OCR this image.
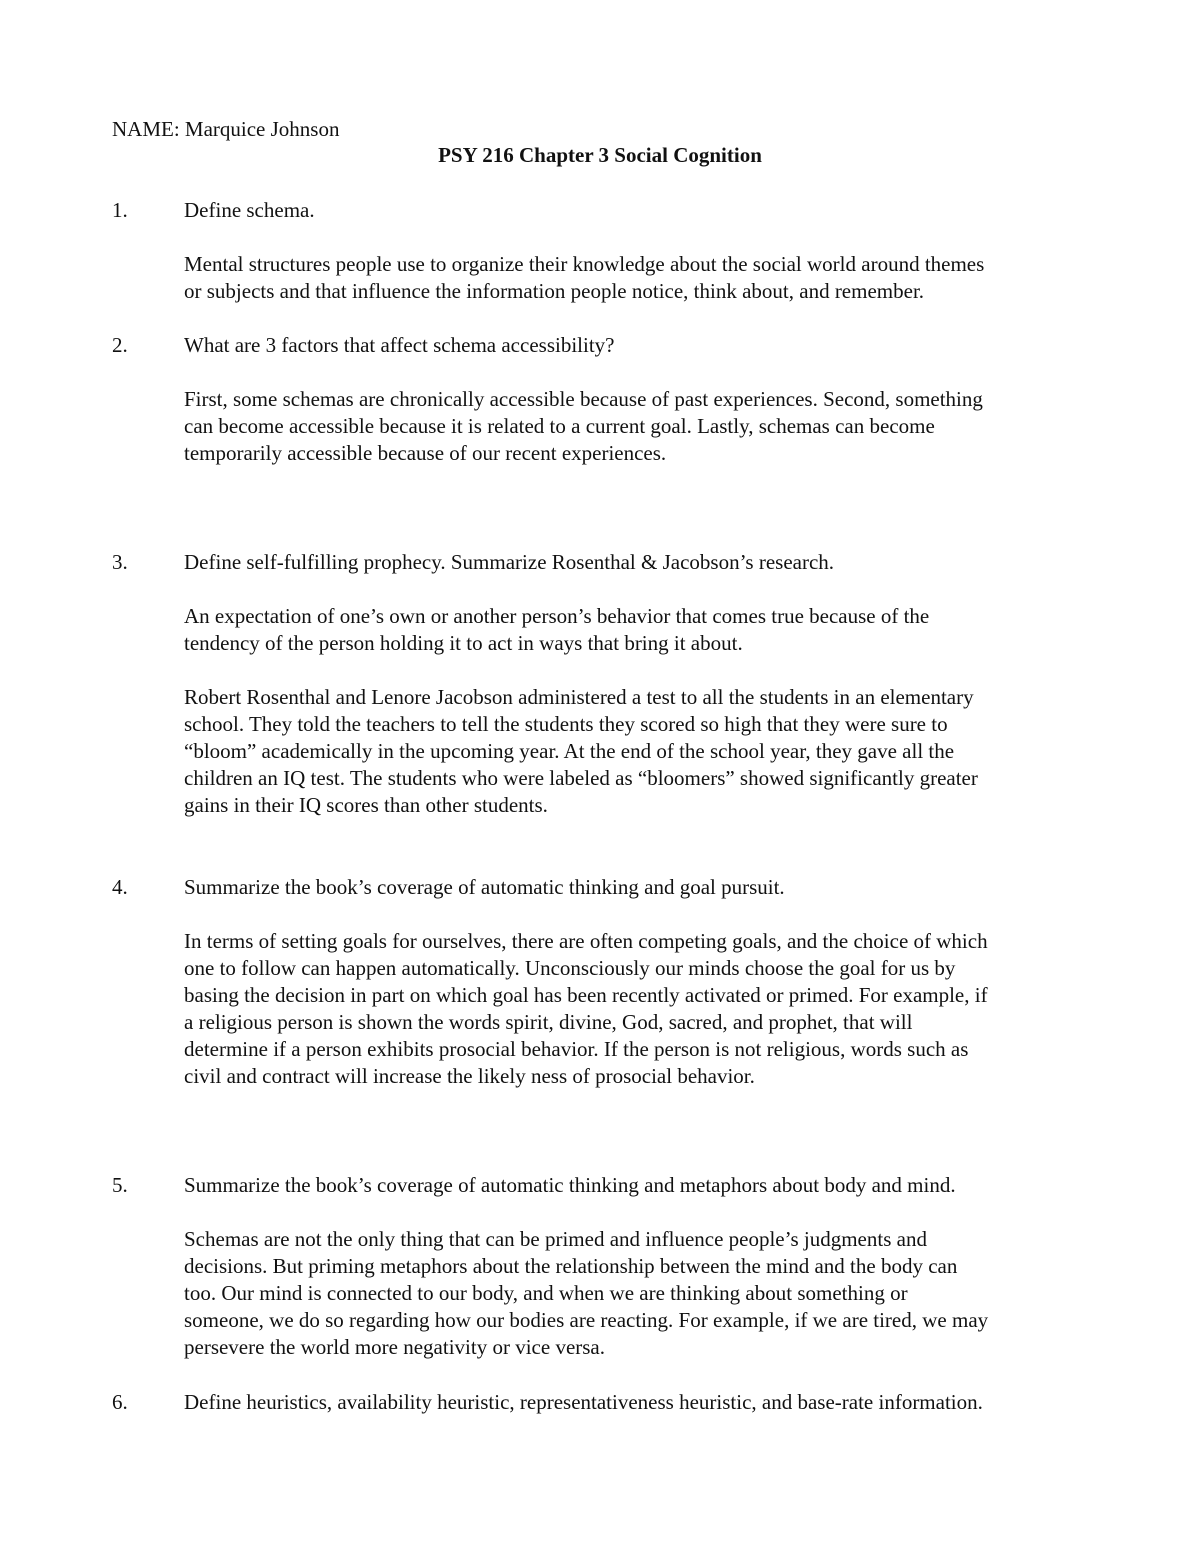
NAME: Marquice Johnson
PSY 216 Chapter 3 Social Cognition
1.	Define schema.
Mental structures people use to organize their knowledge about the social world around themes
or subjects and that influence the information people notice, think about, and remember.
2.	What are 3 factors that affect schema accessibility?
First, some schemas are chronically accessible because of past experiences. Second, something
can become accessible because it is related to a current goal. Lastly, schemas can become
temporarily accessible because of our recent experiences.
3.	Define self-fulfilling prophecy. Summarize Rosenthal & Jacobson’s research.
An expectation of one’s own or another person’s behavior that comes true because of the
tendency of the person holding it to act in ways that bring it about.
Robert Rosenthal and Lenore Jacobson administered a test to all the students in an elementary
school. They told the teachers to tell the students they scored so high that they were sure to
“bloom” academically in the upcoming year. At the end of the school year, they gave all the
children an IQ test. The students who were labeled as “bloomers” showed significantly greater
gains in their IQ scores than other students.
4.	Summarize the book’s coverage of automatic thinking and goal pursuit.
In terms of setting goals for ourselves, there are often competing goals, and the choice of which
one to follow can happen automatically. Unconsciously our minds choose the goal for us by
basing the decision in part on which goal has been recently activated or primed. For example, if
a religious person is shown the words spirit, divine, God, sacred, and prophet, that will
determine if a person exhibits prosocial behavior. If the person is not religious, words such as
civil and contract will increase the likely ness of prosocial behavior.
5.	Summarize the book’s coverage of automatic thinking and metaphors about body and mind.
Schemas are not the only thing that can be primed and influence people’s judgments and
decisions. But priming metaphors about the relationship between the mind and the body can
too. Our mind is connected to our body, and when we are thinking about something or
someone, we do so regarding how our bodies are reacting. For example, if we are tired, we may
persevere the world more negativity or vice versa.
6.	Define heuristics, availability heuristic, representativeness heuristic, and base-rate information.
